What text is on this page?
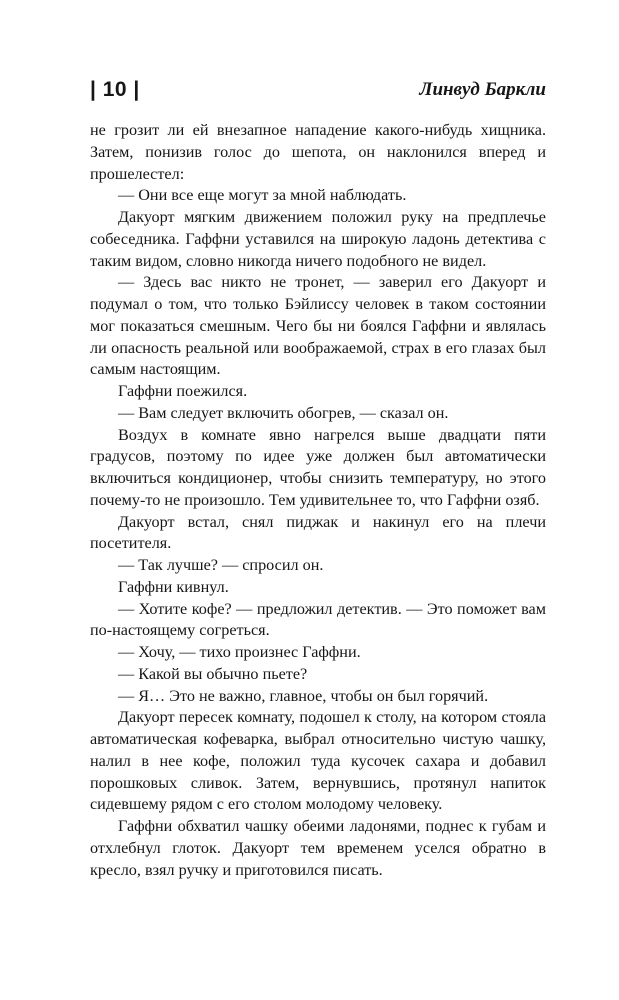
| 10 |	Линвуд Баркли

не грозит ли ей внезапное нападение какого-нибудь хищника. Затем, понизив голос до шепота, он наклонился вперед и прошелестел:

— Они все еще могут за мной наблюдать.

Дакуорт мягким движением положил руку на предплечье собеседника. Гаффни уставился на широкую ладонь детектива с таким видом, словно никогда ничего подобного не видел.

— Здесь вас никто не тронет, — заверил его Дакуорт и подумал о том, что только Бэйлиссу человек в таком состоянии мог показаться смешным. Чего бы ни боялся Гаффни и являлась ли опасность реальной или воображаемой, страх в его глазах был самым настоящим.

Гаффни поежился.

— Вам следует включить обогрев, — сказал он.

Воздух в комнате явно нагрелся выше двадцати пяти градусов, поэтому по идее уже должен был автоматически включиться кондиционер, чтобы снизить температуру, но этого почему-то не произошло. Тем удивительнее то, что Гаффни озяб.

Дакуорт встал, снял пиджак и накинул его на плечи посетителя.

— Так лучше? — спросил он.

Гаффни кивнул.

— Хотите кофе? — предложил детектив. — Это поможет вам по-настоящему согреться.

— Хочу, — тихо произнес Гаффни.

— Какой вы обычно пьете?

— Я… Это не важно, главное, чтобы он был горячий.

Дакуорт пересек комнату, подошел к столу, на котором стояла автоматическая кофеварка, выбрал относительно чистую чашку, налил в нее кофе, положил туда кусочек сахара и добавил порошковых сливок. Затем, вернувшись, протянул напиток сидевшему рядом с его столом молодому человеку.

Гаффни обхватил чашку обеими ладонями, поднес к губам и отхлебнул глоток. Дакуорт тем временем уселся обратно в кресло, взял ручку и приготовился писать.
